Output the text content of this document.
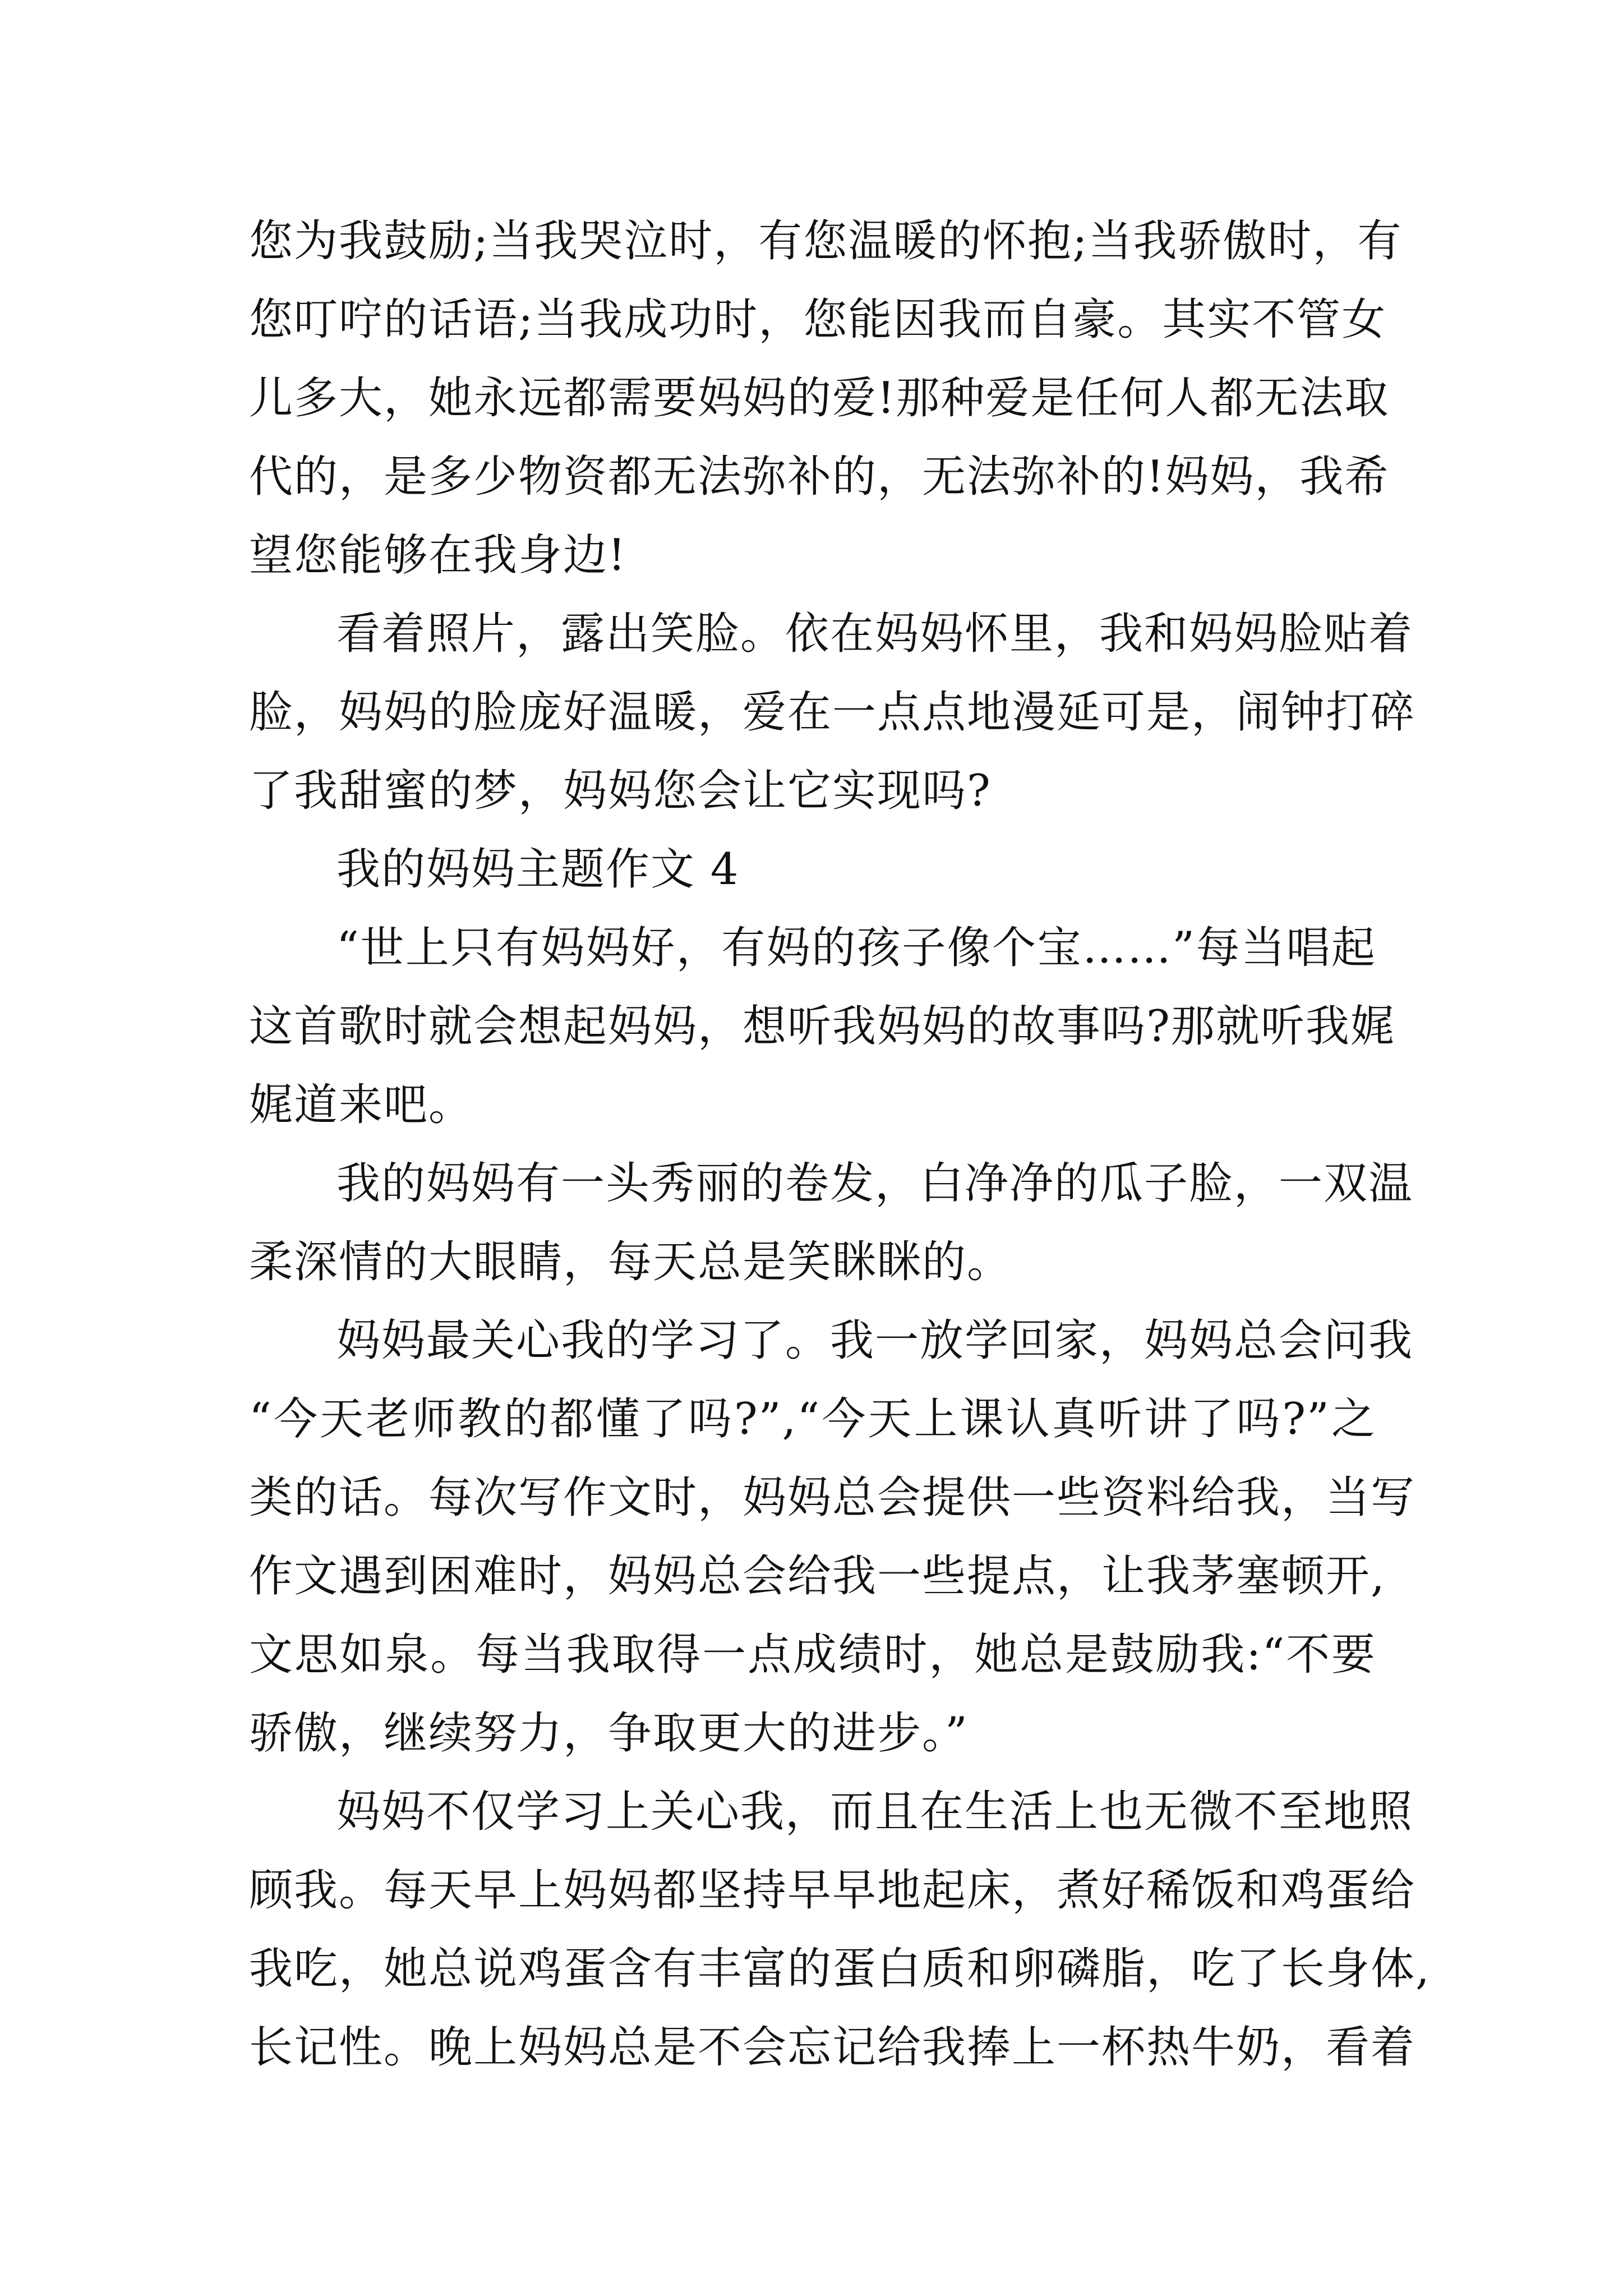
您为我鼓励;当我哭泣时，有您温暖的怀抱;当我骄傲时，有
您叮咛的话语;当我成功时，您能因我而自豪。其实不管女
儿多大，她永远都需要妈妈的爱!那种爱是任何人都无法取
代的，是多少物资都无法弥补的，无法弥补的!妈妈，我希
望您能够在我身边!
看着照片，露出笑脸。依在妈妈怀里，我和妈妈脸贴着
脸，妈妈的脸庞好温暖，爱在一点点地漫延可是，闹钟打碎
了我甜蜜的梦，妈妈您会让它实现吗?
我的妈妈主题作文 4
“世上只有妈妈好，有妈的孩子像个宝……”每当唱起
这首歌时就会想起妈妈，想听我妈妈的故事吗?那就听我娓
娓道来吧。
我的妈妈有一头秀丽的卷发，白净净的瓜子脸，一双温
柔深情的大眼睛，每天总是笑眯眯的。
妈妈最关心我的学习了。我一放学回家，妈妈总会问我
“今天老师教的都懂了吗?”,“今天上课认真听讲了吗?”之
类的话。每次写作文时，妈妈总会提供一些资料给我，当写
作文遇到困难时，妈妈总会给我一些提点，让我茅塞顿开,
文思如泉。每当我取得一点成绩时，她总是鼓励我:“不要
骄傲，继续努力，争取更大的进步。”
妈妈不仅学习上关心我，而且在生活上也无微不至地照
顾我。每天早上妈妈都坚持早早地起床，煮好稀饭和鸡蛋给
我吃，她总说鸡蛋含有丰富的蛋白质和卵磷脂，吃了长身体,
长记性。晚上妈妈总是不会忘记给我捧上一杯热牛奶，看着
